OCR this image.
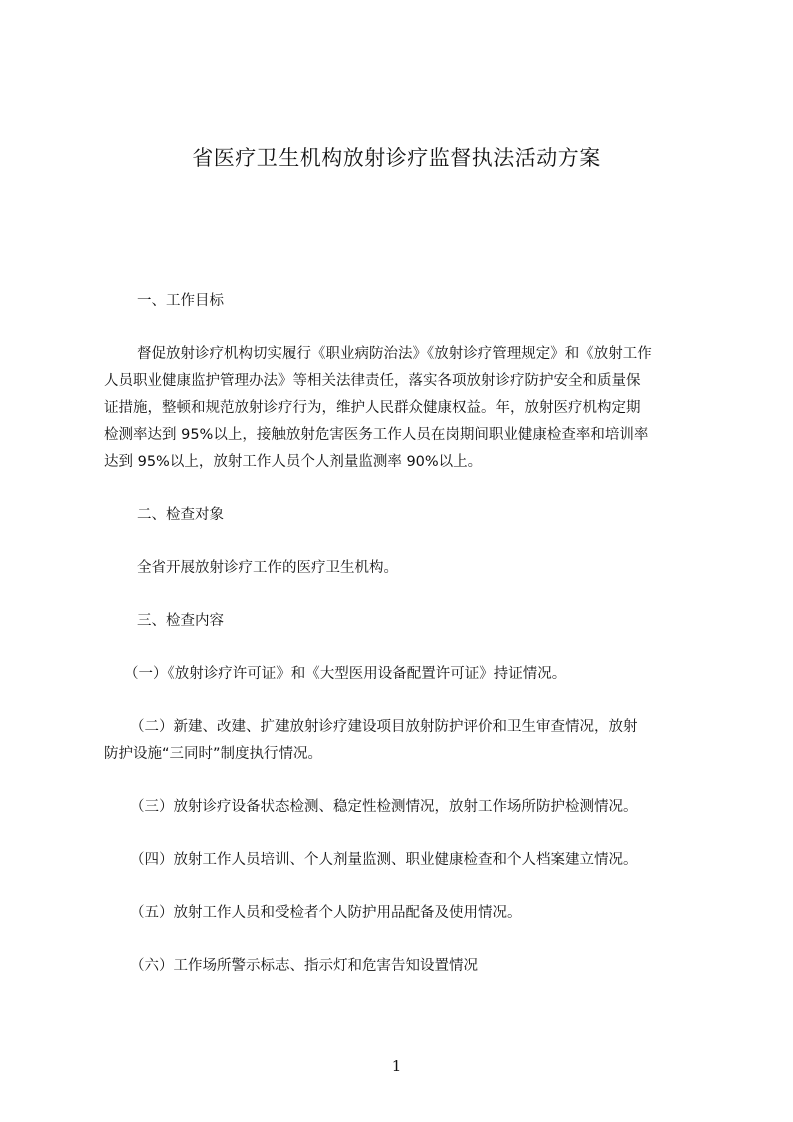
省医疗卫生机构放射诊疗监督执法活动方案
一、工作目标
督促放射诊疗机构切实履行《职业病防治法》《放射诊疗管理规定》和《放射工作
人员职业健康监护管理办法》等相关法律责任，落实各项放射诊疗防护安全和质量保
证措施，整顿和规范放射诊疗行为，维护人民群众健康权益。年，放射医疗机构定期
检测率达到 95%以上，接触放射危害医务工作人员在岗期间职业健康检查率和培训率
达到 95%以上，放射工作人员个人剂量监测率 90%以上。
二、检查对象
全省开展放射诊疗工作的医疗卫生机构。
三、检查内容
（一）《放射诊疗许可证》和《大型医用设备配置许可证》持证情况。
（二）新建、改建、扩建放射诊疗建设项目放射防护评价和卫生审查情况，放射
防护设施“三同时”制度执行情况。
（三）放射诊疗设备状态检测、稳定性检测情况，放射工作场所防护检测情况。
（四）放射工作人员培训、个人剂量监测、职业健康检查和个人档案建立情况。
（五）放射工作人员和受检者个人防护用品配备及使用情况。
（六）工作场所警示标志、指示灯和危害告知设置情况
1
